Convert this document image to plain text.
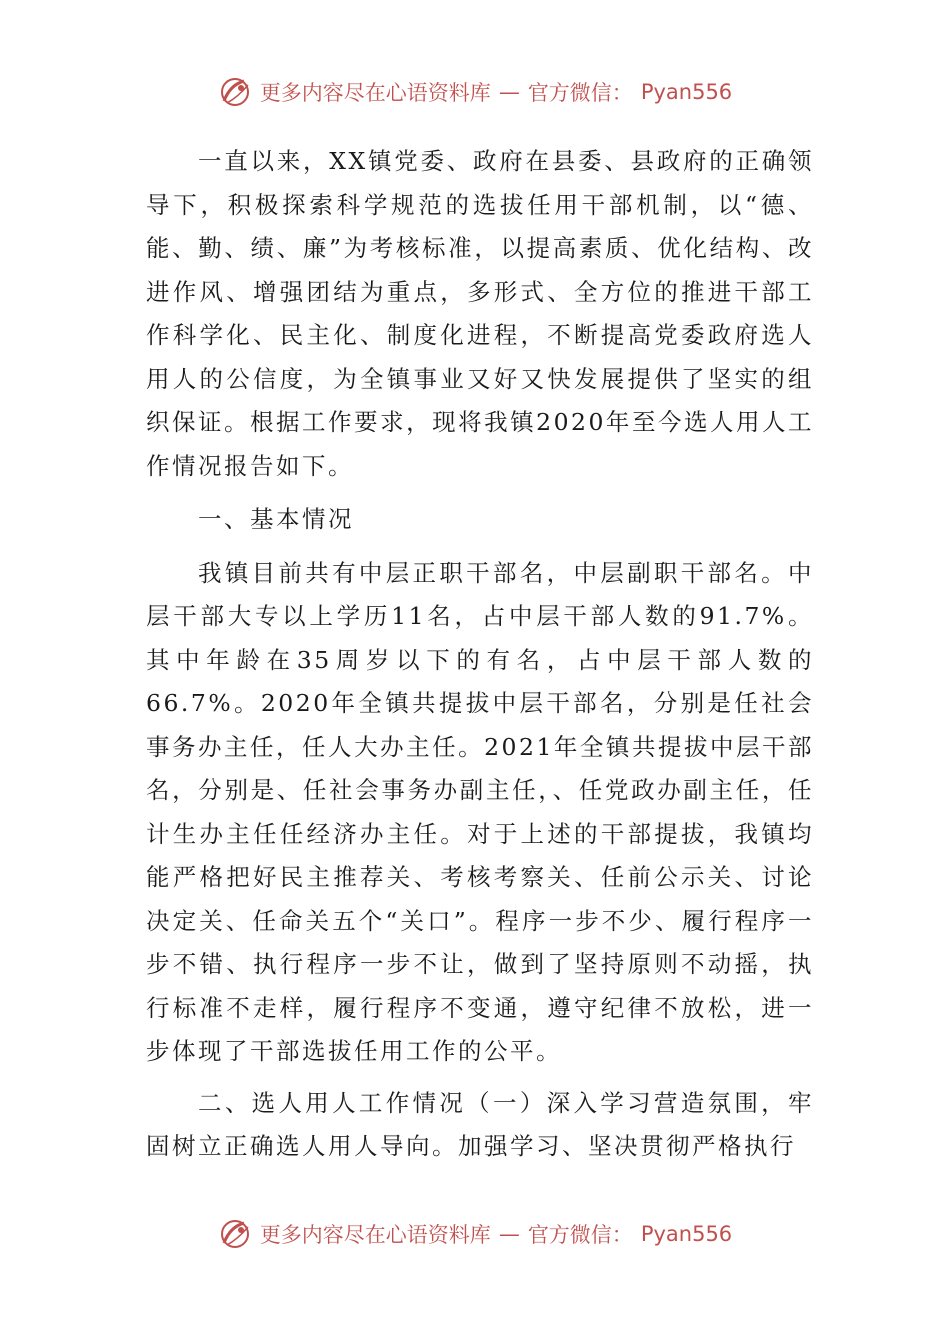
更多内容尽在心语资料库 — 官方微信： Pyan556

一直以来，XX镇党委、政府在县委、县政府的正确领导下，积极探索科学规范的选拔任用干部机制，以“德、能、勤、绩、廉”为考核标准，以提高素质、优化结构、改进作风、增强团结为重点，多形式、全方位的推进干部工作科学化、民主化、制度化进程，不断提高党委政府选人用人的公信度，为全镇事业又好又快发展提供了坚实的组织保证。根据工作要求，现将我镇2020年至今选人用人工作情况报告如下。

一、基本情况

我镇目前共有中层正职干部名，中层副职干部名。中层干部大专以上学历11名，占中层干部人数的91.7%。其中年龄在35周岁以下的有名，占中层干部人数的66.7%。2020年全镇共提拔中层干部名，分别是任社会事务办主任，任人大办主任。2021年全镇共提拔中层干部名，分别是、任社会事务办副主任，、任党政办副主任，任计生办主任任经济办主任。对于上述的干部提拔，我镇均能严格把好民主推荐关、考核考察关、任前公示关、讨论决定关、任命关五个“关口”。程序一步不少、履行程序一步不错、执行程序一步不让，做到了坚持原则不动摇，执行标准不走样，履行程序不变通，遵守纪律不放松，进一步体现了干部选拔任用工作的公平。

二、选人用人工作情况（一）深入学习营造氛围，牢固树立正确选人用人导向。加强学习、坚决贯彻严格执行

更多内容尽在心语资料库 — 官方微信： Pyan556
